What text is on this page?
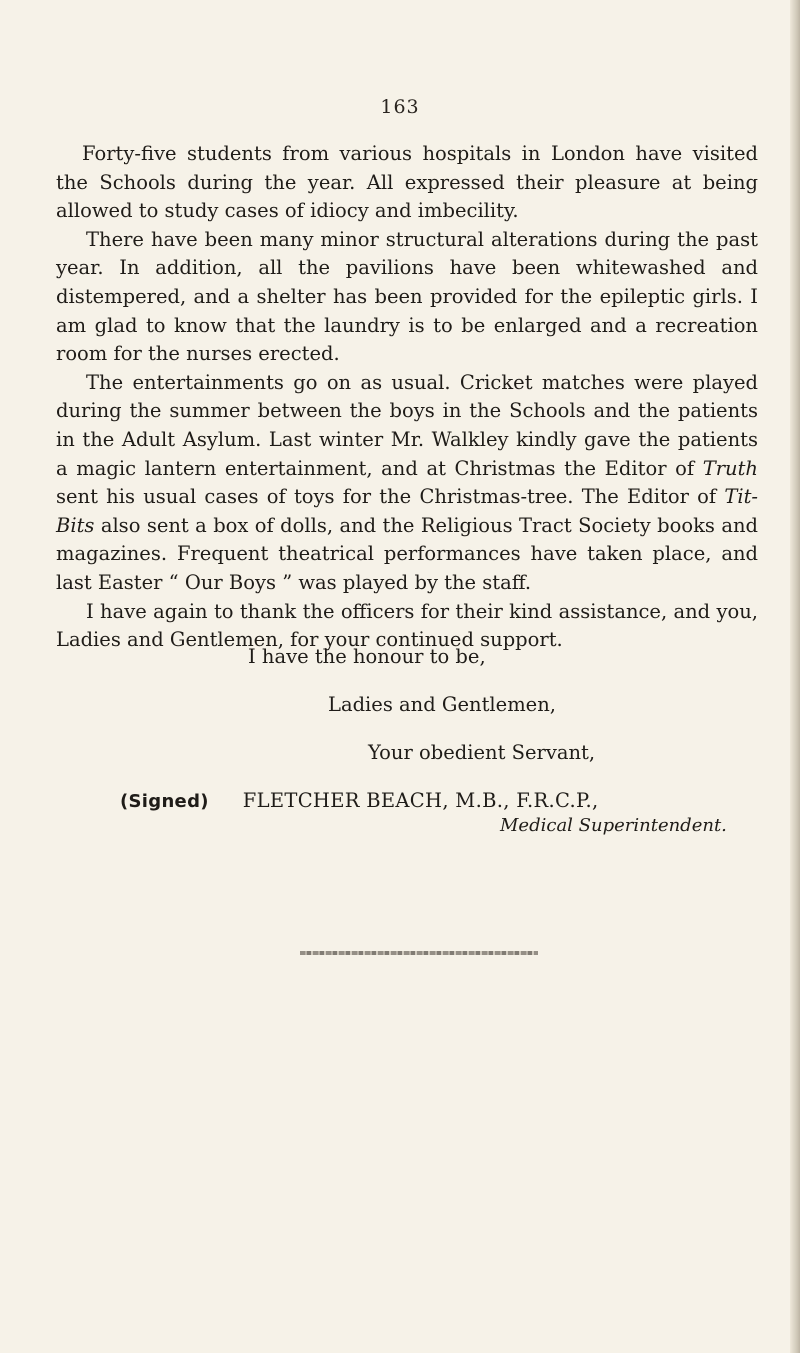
163

Forty-five students from various hospitals in London have visited the Schools during the year. All expressed their pleasure at being allowed to study cases of idiocy and imbecility.

There have been many minor structural alterations during the past year. In addition, all the pavilions have been whitewashed and distempered, and a shelter has been provided for the epileptic girls. I am glad to know that the laundry is to be enlarged and a recreation room for the nurses erected.

The entertainments go on as usual. Cricket matches were played during the summer between the boys in the Schools and the patients in the Adult Asylum. Last winter Mr. Walkley kindly gave the patients a magic lantern entertainment, and at Christmas the Editor of Truth sent his usual cases of toys for the Christmas-tree. The Editor of Tit-Bits also sent a box of dolls, and the Religious Tract Society books and magazines. Frequent theatrical performances have taken place, and last Easter “ Our Boys ” was played by the staff.

I have again to thank the officers for their kind assistance, and you, Ladies and Gentlemen, for your continued support.

I have the honour to be,
Ladies and Gentlemen,
Your obedient Servant,
(Signed) FLETCHER BEACH, M.B., F.R.C.P.,
Medical Superintendent.
